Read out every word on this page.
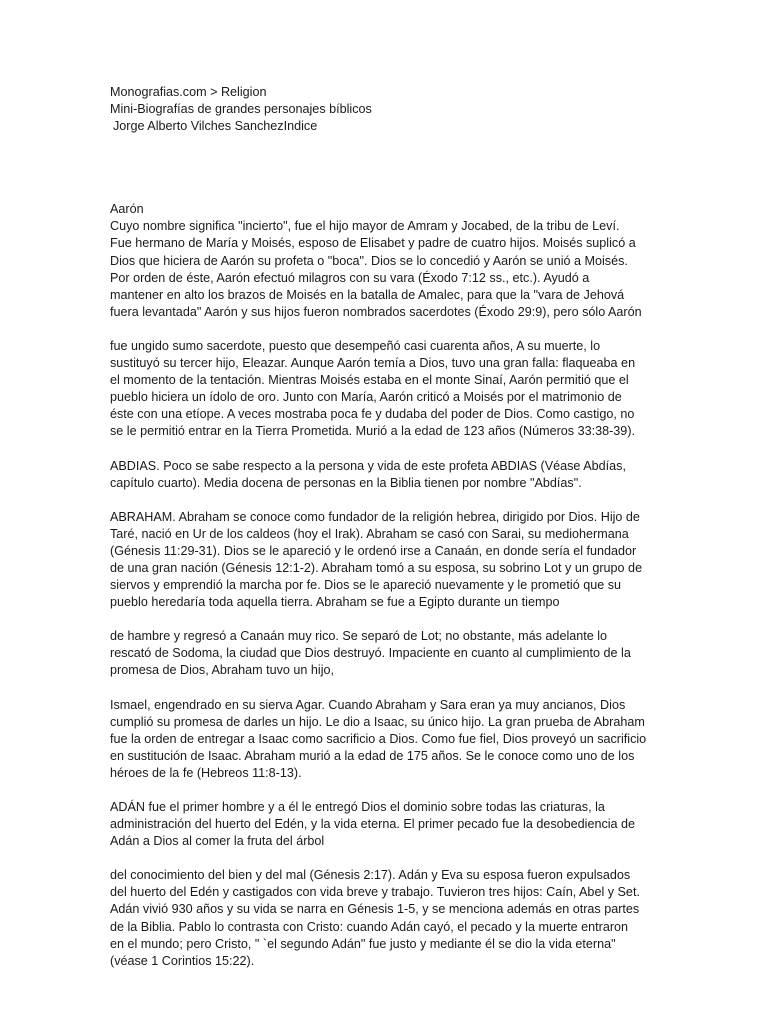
Monografias.com > Religion
Mini-Biografías de grandes personajes bíblicos
Jorge Alberto Vilches SanchezIndice
Aarón
Cuyo nombre significa "incierto", fue el hijo mayor de Amram y Jocabed, de la tribu de Leví.
Fue hermano de María y Moisés, esposo de Elisabet y padre de cuatro hijos. Moisés suplicó a
Dios que hiciera de Aarón su profeta o "boca". Dios se lo concedió y Aarón se unió a Moisés.
Por orden de éste, Aarón efectuó milagros con su vara (Éxodo 7:12 ss., etc.). Ayudó a
mantener en alto los brazos de Moisés en la batalla de Amalec, para que la "vara de Jehová
fuera levantada" Aarón y sus hijos fueron nombrados sacerdotes (Éxodo 29:9), pero sólo Aarón
fue ungido sumo sacerdote, puesto que desempeñó casi cuarenta años, A su muerte, lo
sustituyó su tercer hijo, Eleazar. Aunque Aarón temía a Dios, tuvo una gran falla: flaqueaba en
el momento de la tentación. Mientras Moisés estaba en el monte Sinaí, Aarón permitió que el
pueblo hiciera un ídolo de oro. Junto con María, Aarón criticó a Moisés por el matrimonio de
éste con una etíope. A veces mostraba poca fe y dudaba del poder de Dios. Como castigo, no
se le permitió entrar en la Tierra Prometida. Murió a la edad de 123 años (Números 33:38-39).
ABDIAS. Poco se sabe respecto a la persona y vida de este profeta ABDIAS (Véase Abdías,
capítulo cuarto). Media docena de personas en la Biblia tienen por nombre "Abdías".
ABRAHAM. Abraham se conoce como fundador de la religión hebrea, dirigido por Dios. Hijo de
Taré, nació en Ur de los caldeos (hoy el Irak). Abraham se casó con Sarai, su mediohermana
(Génesis 11:29-31). Dios se le apareció y le ordenó irse a Canaán, en donde sería el fundador
de una gran nación (Génesis 12:1-2). Abraham tomó a su esposa, su sobrino Lot y un grupo de
siervos y emprendió la marcha por fe. Dios se le apareció nuevamente y le prometió que su
pueblo heredaría toda aquella tierra. Abraham se fue a Egipto durante un tiempo
de hambre y regresó a Canaán muy rico. Se separó de Lot; no obstante, más adelante lo
rescató de Sodoma, la ciudad que Dios destruyó. Impaciente en cuanto al cumplimiento de la
promesa de Dios, Abraham tuvo un hijo,
Ismael, engendrado en su sierva Agar. Cuando Abraham y Sara eran ya muy ancianos, Dios
cumplió su promesa de darles un hijo. Le dio a Isaac, su único hijo. La gran prueba de Abraham
fue la orden de entregar a Isaac como sacrificio a Dios. Como fue fiel, Dios proveyó un sacrificio
en sustitución de Isaac. Abraham murió a la edad de 175 años. Se le conoce como uno de los
héroes de la fe (Hebreos 11:8-13).
ADÁN fue el primer hombre y a él le entregó Dios el dominio sobre todas las criaturas, la
administración del huerto del Edén, y la vida eterna. El primer pecado fue la desobediencia de
Adán a Dios al comer la fruta del árbol
del conocimiento del bien y del mal (Génesis 2:17). Adán y Eva su esposa fueron expulsados
del huerto del Edén y castigados con vida breve y trabajo. Tuvieron tres hijos: Caín, Abel y Set.
Adán vivió 930 años y su vida se narra en Génesis 1-5, y se menciona además en otras partes
de la Biblia. Pablo lo contrasta con Cristo: cuando Adán cayó, el pecado y la muerte entraron
en el mundo; pero Cristo, " `el segundo Adán" fue justo y mediante él se dio la vida eterna"
(véase 1 Corintios 15:22).
